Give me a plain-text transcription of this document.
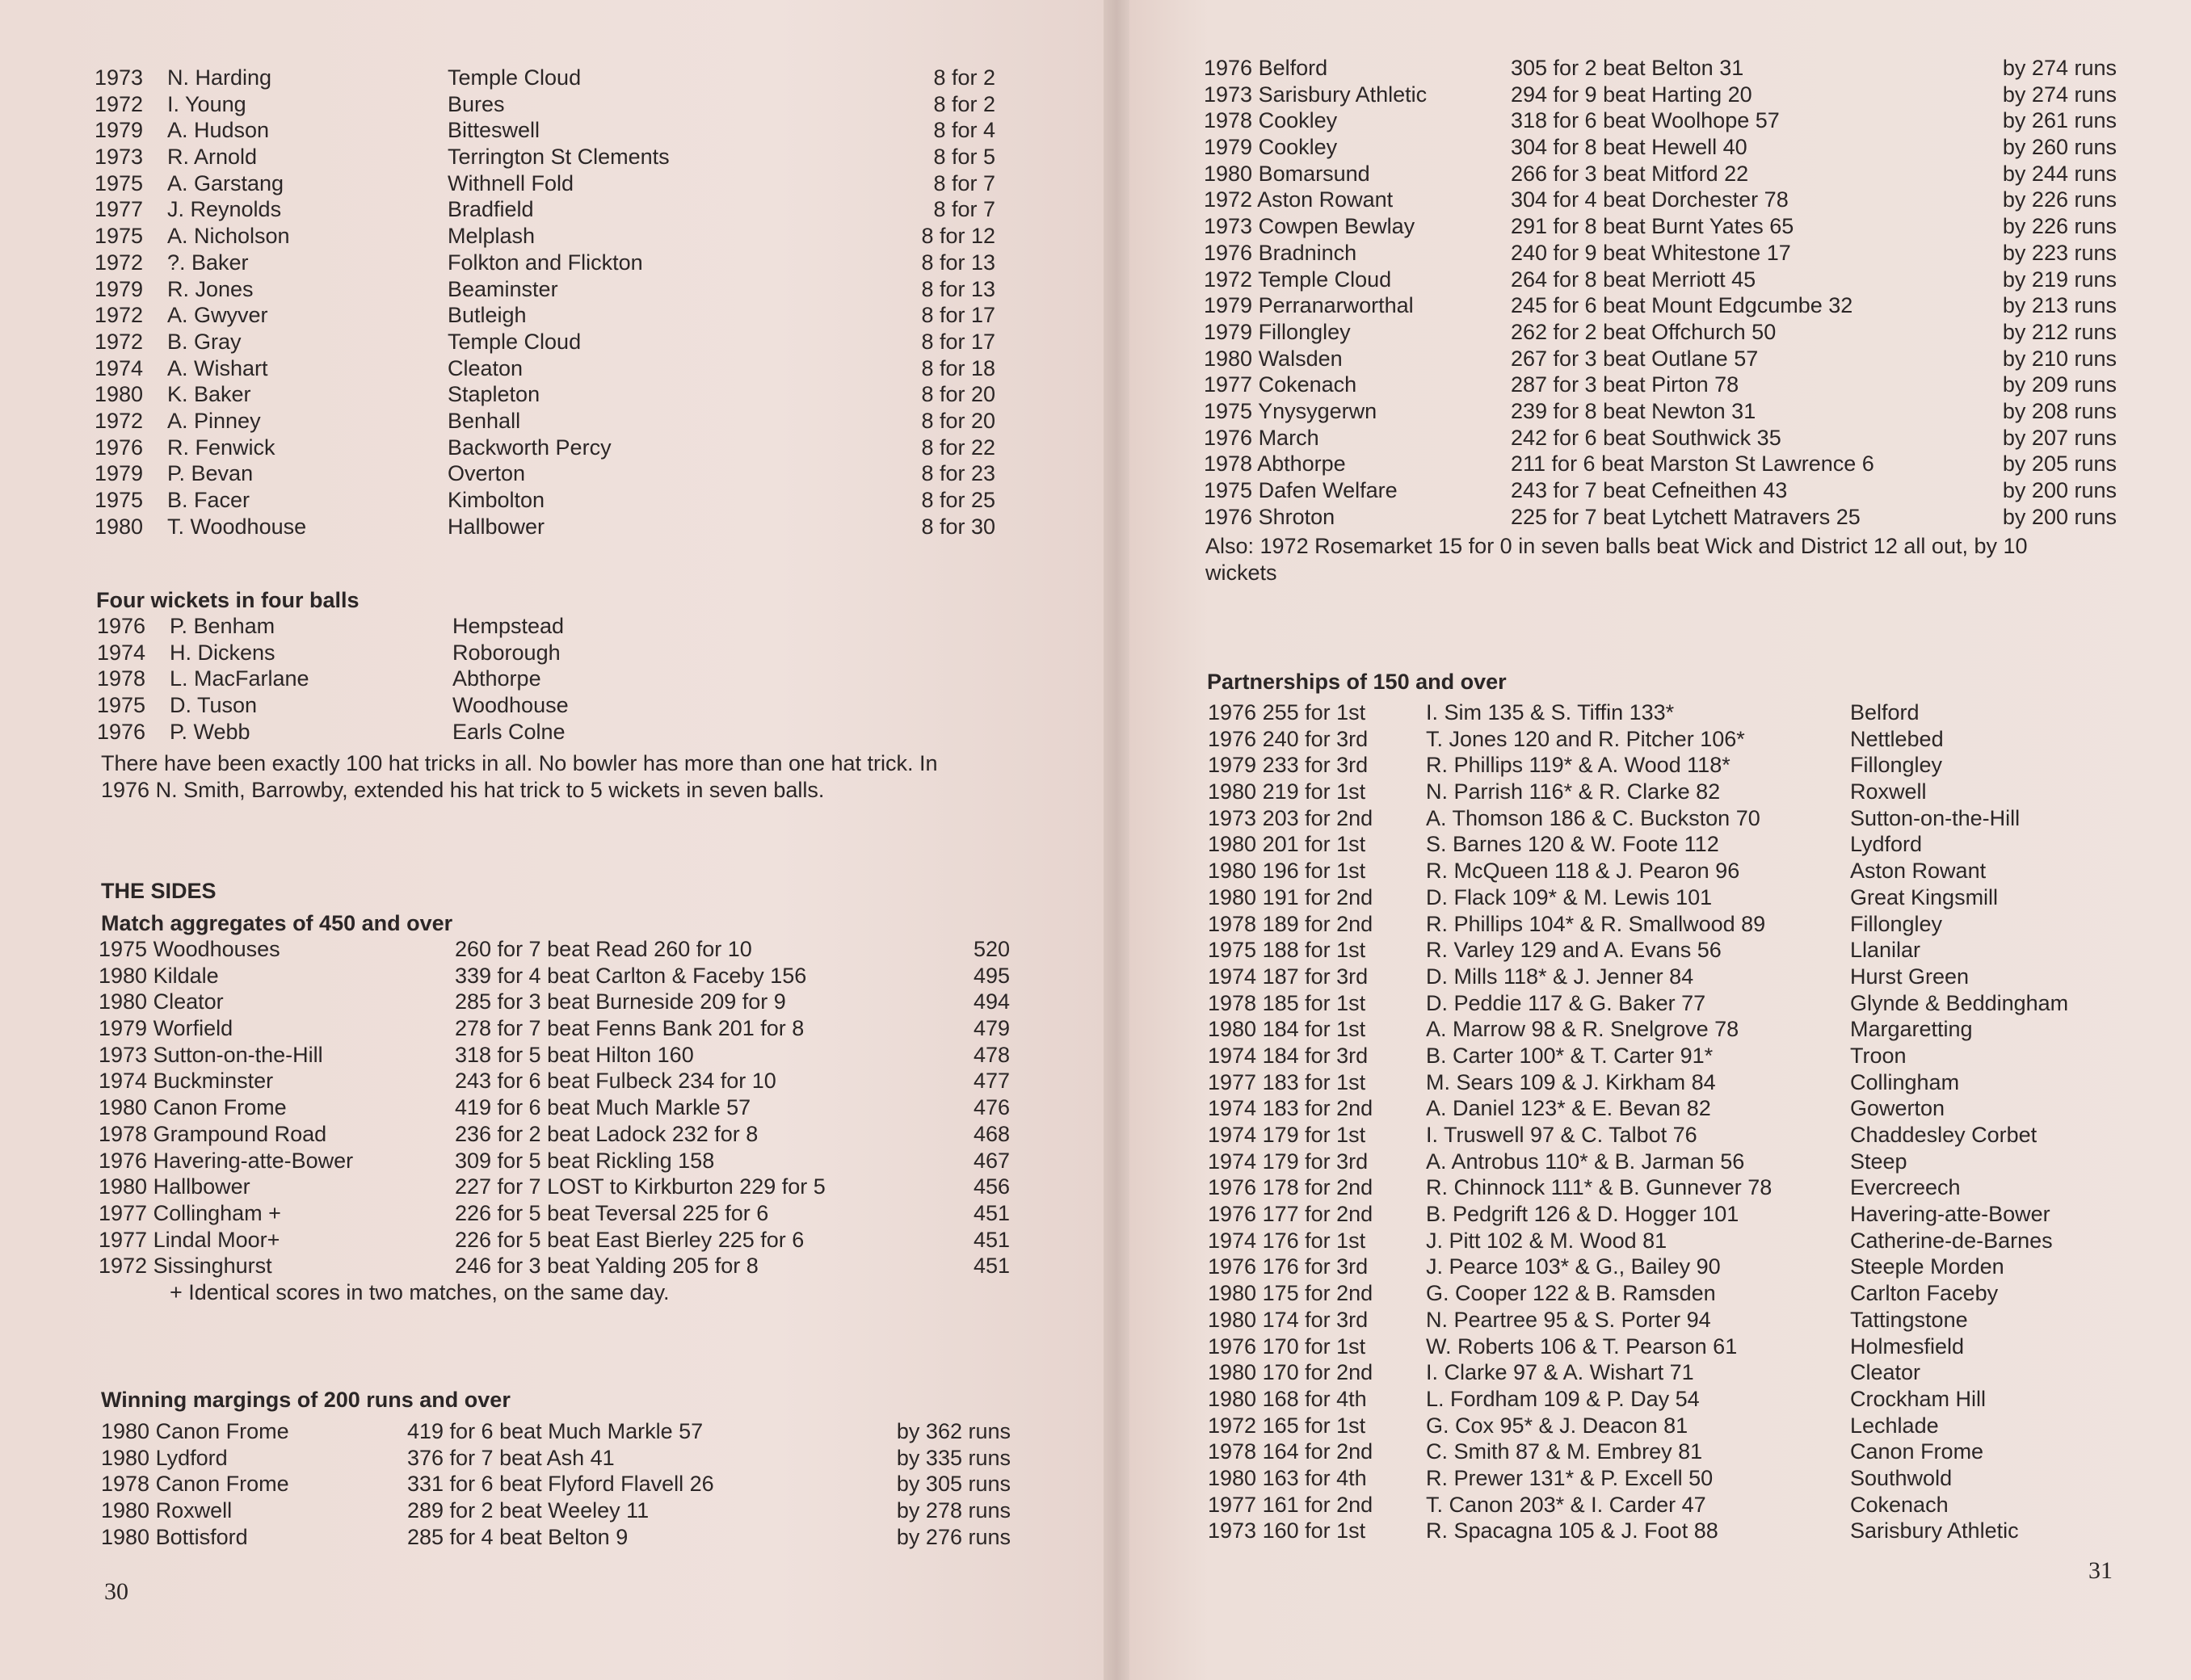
1973 N. Harding	Temple Cloud	8 for 2
1972 I. Young	Bures	8 for 2
1979 A. Hudson	Bitteswell	8 for 4
1973 R. Arnold	Terrington St Clements	8 for 5
1975 A. Garstang	Withnell Fold	8 for 7
1977 J. Reynolds	Bradfield	8 for 7
1975 A. Nicholson	Melplash	8 for 12
1972 ?. Baker	Folkton and Flickton	8 for 13
1979 R. Jones	Beaminster	8 for 13
1972 A. Gwyver	Butleigh	8 for 17
1972 B. Gray	Temple Cloud	8 for 17
1974 A. Wishart	Cleaton	8 for 18
1980 K. Baker	Stapleton	8 for 20
1972 A. Pinney	Benhall	8 for 20
1976 R. Fenwick	Backworth Percy	8 for 22
1979 P. Bevan	Overton	8 for 23
1975 B. Facer	Kimbolton	8 for 25
1980 T. Woodhouse	Hallbower	8 for 30
Four wickets in four balls
1976 P. Benham	Hempstead
1974 H. Dickens	Roborough
1978 L. MacFarlane	Abthorpe
1975 D. Tuson	Woodhouse
1976 P. Webb	Earls Colne
There have been exactly 100 hat tricks in all. No bowler has more than one hat trick. In
1976 N. Smith, Barrowby, extended his hat trick to 5 wickets in seven balls.
THE SIDES
Match aggregates of 450 and over
1975 Woodhouses	260 for 7 beat Read 260 for 10	520
1980 Kildale	339 for 4 beat Carlton & Faceby 156	495
1980 Cleator	285 for 3 beat Burneside 209 for 9	494
1979 Worfield	278 for 7 beat Fenns Bank 201 for 8	479
1973 Sutton-on-the-Hill	318 for 5 beat Hilton 160	478
1974 Buckminster	243 for 6 beat Fulbeck 234 for 10	477
1980 Canon Frome	419 for 6 beat Much Markle 57	476
1978 Grampound Road	236 for 2 beat Ladock 232 for 8	468
1976 Havering-atte-Bower	309 for 5 beat Rickling 158	467
1980 Hallbower	227 for 7 LOST to Kirkburton 229 for 5	456
1977 Collingham +	226 for 5 beat Teversal 225 for 6	451
1977 Lindal Moor+	226 for 5 beat East Bierley 225 for 6	451
1972 Sissinghurst	246 for 3 beat Yalding 205 for 8	451
+ Identical scores in two matches, on the same day.
Winning margings of 200 runs and over
1980 Canon Frome	419 for 6 beat Much Markle 57	by 362 runs
1980 Lydford	376 for 7 beat Ash 41	by 335 runs
1978 Canon Frome	331 for 6 beat Flyford Flavell 26	by 305 runs
1980 Roxwell	289 for 2 beat Weeley 11	by 278 runs
1980 Bottisford	285 for 4 beat Belton 9	by 276 runs
30
1976 Belford	305 for 2 beat Belton 31	by 274 runs
1973 Sarisbury Athletic	294 for 9 beat Harting 20	by 274 runs
1978 Cookley	318 for 6 beat Woolhope 57	by 261 runs
1979 Cookley	304 for 8 beat Hewell 40	by 260 runs
1980 Bomarsund	266 for 3 beat Mitford 22	by 244 runs
1972 Aston Rowant	304 for 4 beat Dorchester 78	by 226 runs
1973 Cowpen Bewlay	291 for 8 beat Burnt Yates 65	by 226 runs
1976 Bradninch	240 for 9 beat Whitestone 17	by 223 runs
1972 Temple Cloud	264 for 8 beat Merriott 45	by 219 runs
1979 Perranarworthal	245 for 6 beat Mount Edgcumbe 32	by 213 runs
1979 Fillongley	262 for 2 beat Offchurch 50	by 212 runs
1980 Walsden	267 for 3 beat Outlane 57	by 210 runs
1977 Cokenach	287 for 3 beat Pirton 78	by 209 runs
1975 Ynysygerwn	239 for 8 beat Newton 31	by 208 runs
1976 March	242 for 6 beat Southwick 35	by 207 runs
1978 Abthorpe	211 for 6 beat Marston St Lawrence 6	by 205 runs
1975 Dafen Welfare	243 for 7 beat Cefneithen 43	by 200 runs
1976 Shroton	225 for 7 beat Lytchett Matravers 25	by 200 runs
Also: 1972 Rosemarket 15 for 0 in seven balls beat Wick and District 12 all out, by 10
wickets
Partnerships of 150 and over
1976 255 for 1st	I. Sim 135 & S. Tiffin 133*	Belford
1976 240 for 3rd	T. Jones 120 and R. Pitcher 106*	Nettlebed
1979 233 for 3rd	R. Phillips 119* & A. Wood 118*	Fillongley
1980 219 for 1st	N. Parrish 116* & R. Clarke 82	Roxwell
1973 203 for 2nd A. Thomson 186 & C. Buckston 70	Sutton-on-the-Hill
1980 201 for 1st	S. Barnes 120 & W. Foote 112	Lydford
1980 196 for 1st	R. McQueen 118 & J. Pearon 96	Aston Rowant
1980 191 for 2nd D. Flack 109* & M. Lewis 101	Great Kingsmill
1978 189 for 2nd R. Phillips 104* & R. Smallwood 89	Fillongley
1975 188 for 1st	R. Varley 129 and A. Evans 56	Llanilar
1974 187 for 3rd	D. Mills 118* & J. Jenner 84	Hurst Green
1978 185 for 1st	D. Peddie 117 & G. Baker 77	Glynde & Beddingham
1980 184 for 1st	A. Marrow 98 & R. Snelgrove 78	Margaretting
1974 184 for 3rd	B. Carter 100* & T. Carter 91*	Troon
1977 183 for 1st	M. Sears 109 & J. Kirkham 84	Collingham
1974 183 for 2nd A. Daniel 123* & E. Bevan 82	Gowerton
1974 179 for 1st	I. Truswell 97 & C. Talbot 76	Chaddesley Corbet
1974 179 for 3rd	A. Antrobus 110* & B. Jarman 56	Steep
1976 178 for 2nd R. Chinnock 111* & B. Gunnever 78	Evercreech
1976 177 for 2nd B. Pedgrift 126 & D. Hogger 101	Havering-atte-Bower
1974 176 for 1st	J. Pitt 102 & M. Wood 81	Catherine-de-Barnes
1976 176 for 3rd	J. Pearce 103* & G., Bailey 90	Steeple Morden
1980 175 for 2nd G. Cooper 122 & B. Ramsden	Carlton Faceby
1980 174 for 3rd	N. Peartree 95 & S. Porter 94	Tattingstone
1976 170 for 1st	W. Roberts 106 & T. Pearson 61	Holmesfield
1980 170 for 2nd I. Clarke 97 & A. Wishart 71	Cleator
1980 168 for 4th	L. Fordham 109 & P. Day 54	Crockham Hill
1972 165 for 1st	G. Cox 95* & J. Deacon 81	Lechlade
1978 164 for 2nd C. Smith 87 & M. Embrey 81	Canon Frome
1980 163 for 4th	R. Prewer 131* & P. Excell 50	Southwold
1977 161 for 2nd T. Canon 203* & I. Carder 47	Cokenach
1973 160 for 1st	R. Spacagna 105 & J. Foot 88	Sarisbury Athletic
31
